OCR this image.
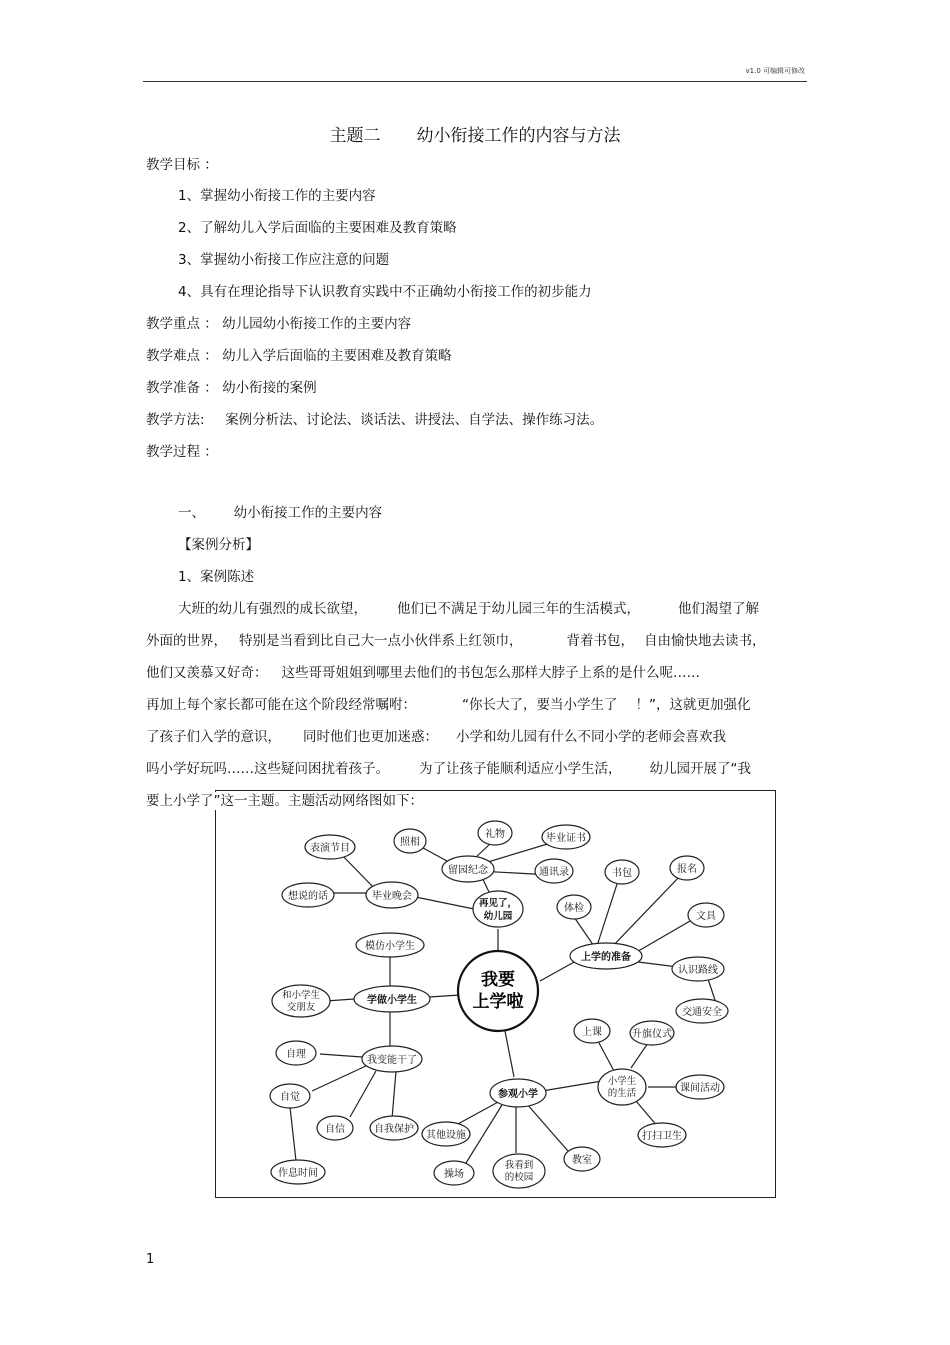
v1.0 可编辑可修改
主题二 幼小衔接工作的内容与方法
教学目标 ：
1、掌握幼小衔接工作的主要内容
2、了解幼儿入学后面临的主要困难及教育策略
3、掌握幼小衔接工作应注意的问题
4、具有在理论指导下认识教育实践中不正确幼小衔接工作的初步能力
教学重点 ： 幼儿园幼小衔接工作的主要内容
教学难点 ： 幼儿入学后面临的主要困难及教育策略
教学准备 ： 幼小衔接的案例
教学方法: 案例分析法、讨论法、谈话法、讲授法、自学法、操作练习法。
教学过程 ：
一、 幼小衔接工作的主要内容
【案例分析】
1、案例陈述
大班的幼儿有强烈的成长欲望， 他们已不满足于幼儿园三年的生活模式，	他们渴望了解
外面的世界， 特别是当看到比自己大一点小伙伴系上红领巾，	背着书包， 自由愉快地去读书，
他们又羡慕又好奇： 这些哥哥姐姐到哪里去他们的书包怎么那样大脖子上系的是什么呢……
再加上每个家长都可能在这个阶段经常嘱咐：	“你长大了，要当小学生了 ！”，这就更加强化
了孩子们入学的意识， 同时他们也更加迷惑： 小学和幼儿园有什么不同小学的老师会喜欢我
吗小学好玩吗……这些疑问困扰着孩子。 为了让孩子能顺利适应小学生活， 幼儿园开展了“我
要上小学了”这一主题。主题活动网络图如下：
我要
上学啦
再见了，
幼儿园
留园纪念
照相
礼物	毕业证书
通讯录
毕业晚会
表演节目
想说的话
上学的准备
书包	报名
体检
文具
认识路线
交通安全
学做小学生
模仿小学生
和小学生
交朋友
我变能干了
自理
自觉
自信	自我保护
作息时间
参观小学
其他设施
操场
我看到
的校园
教室
小学生
的生活
上课	升旗仪式
课间活动
打扫卫生
1
